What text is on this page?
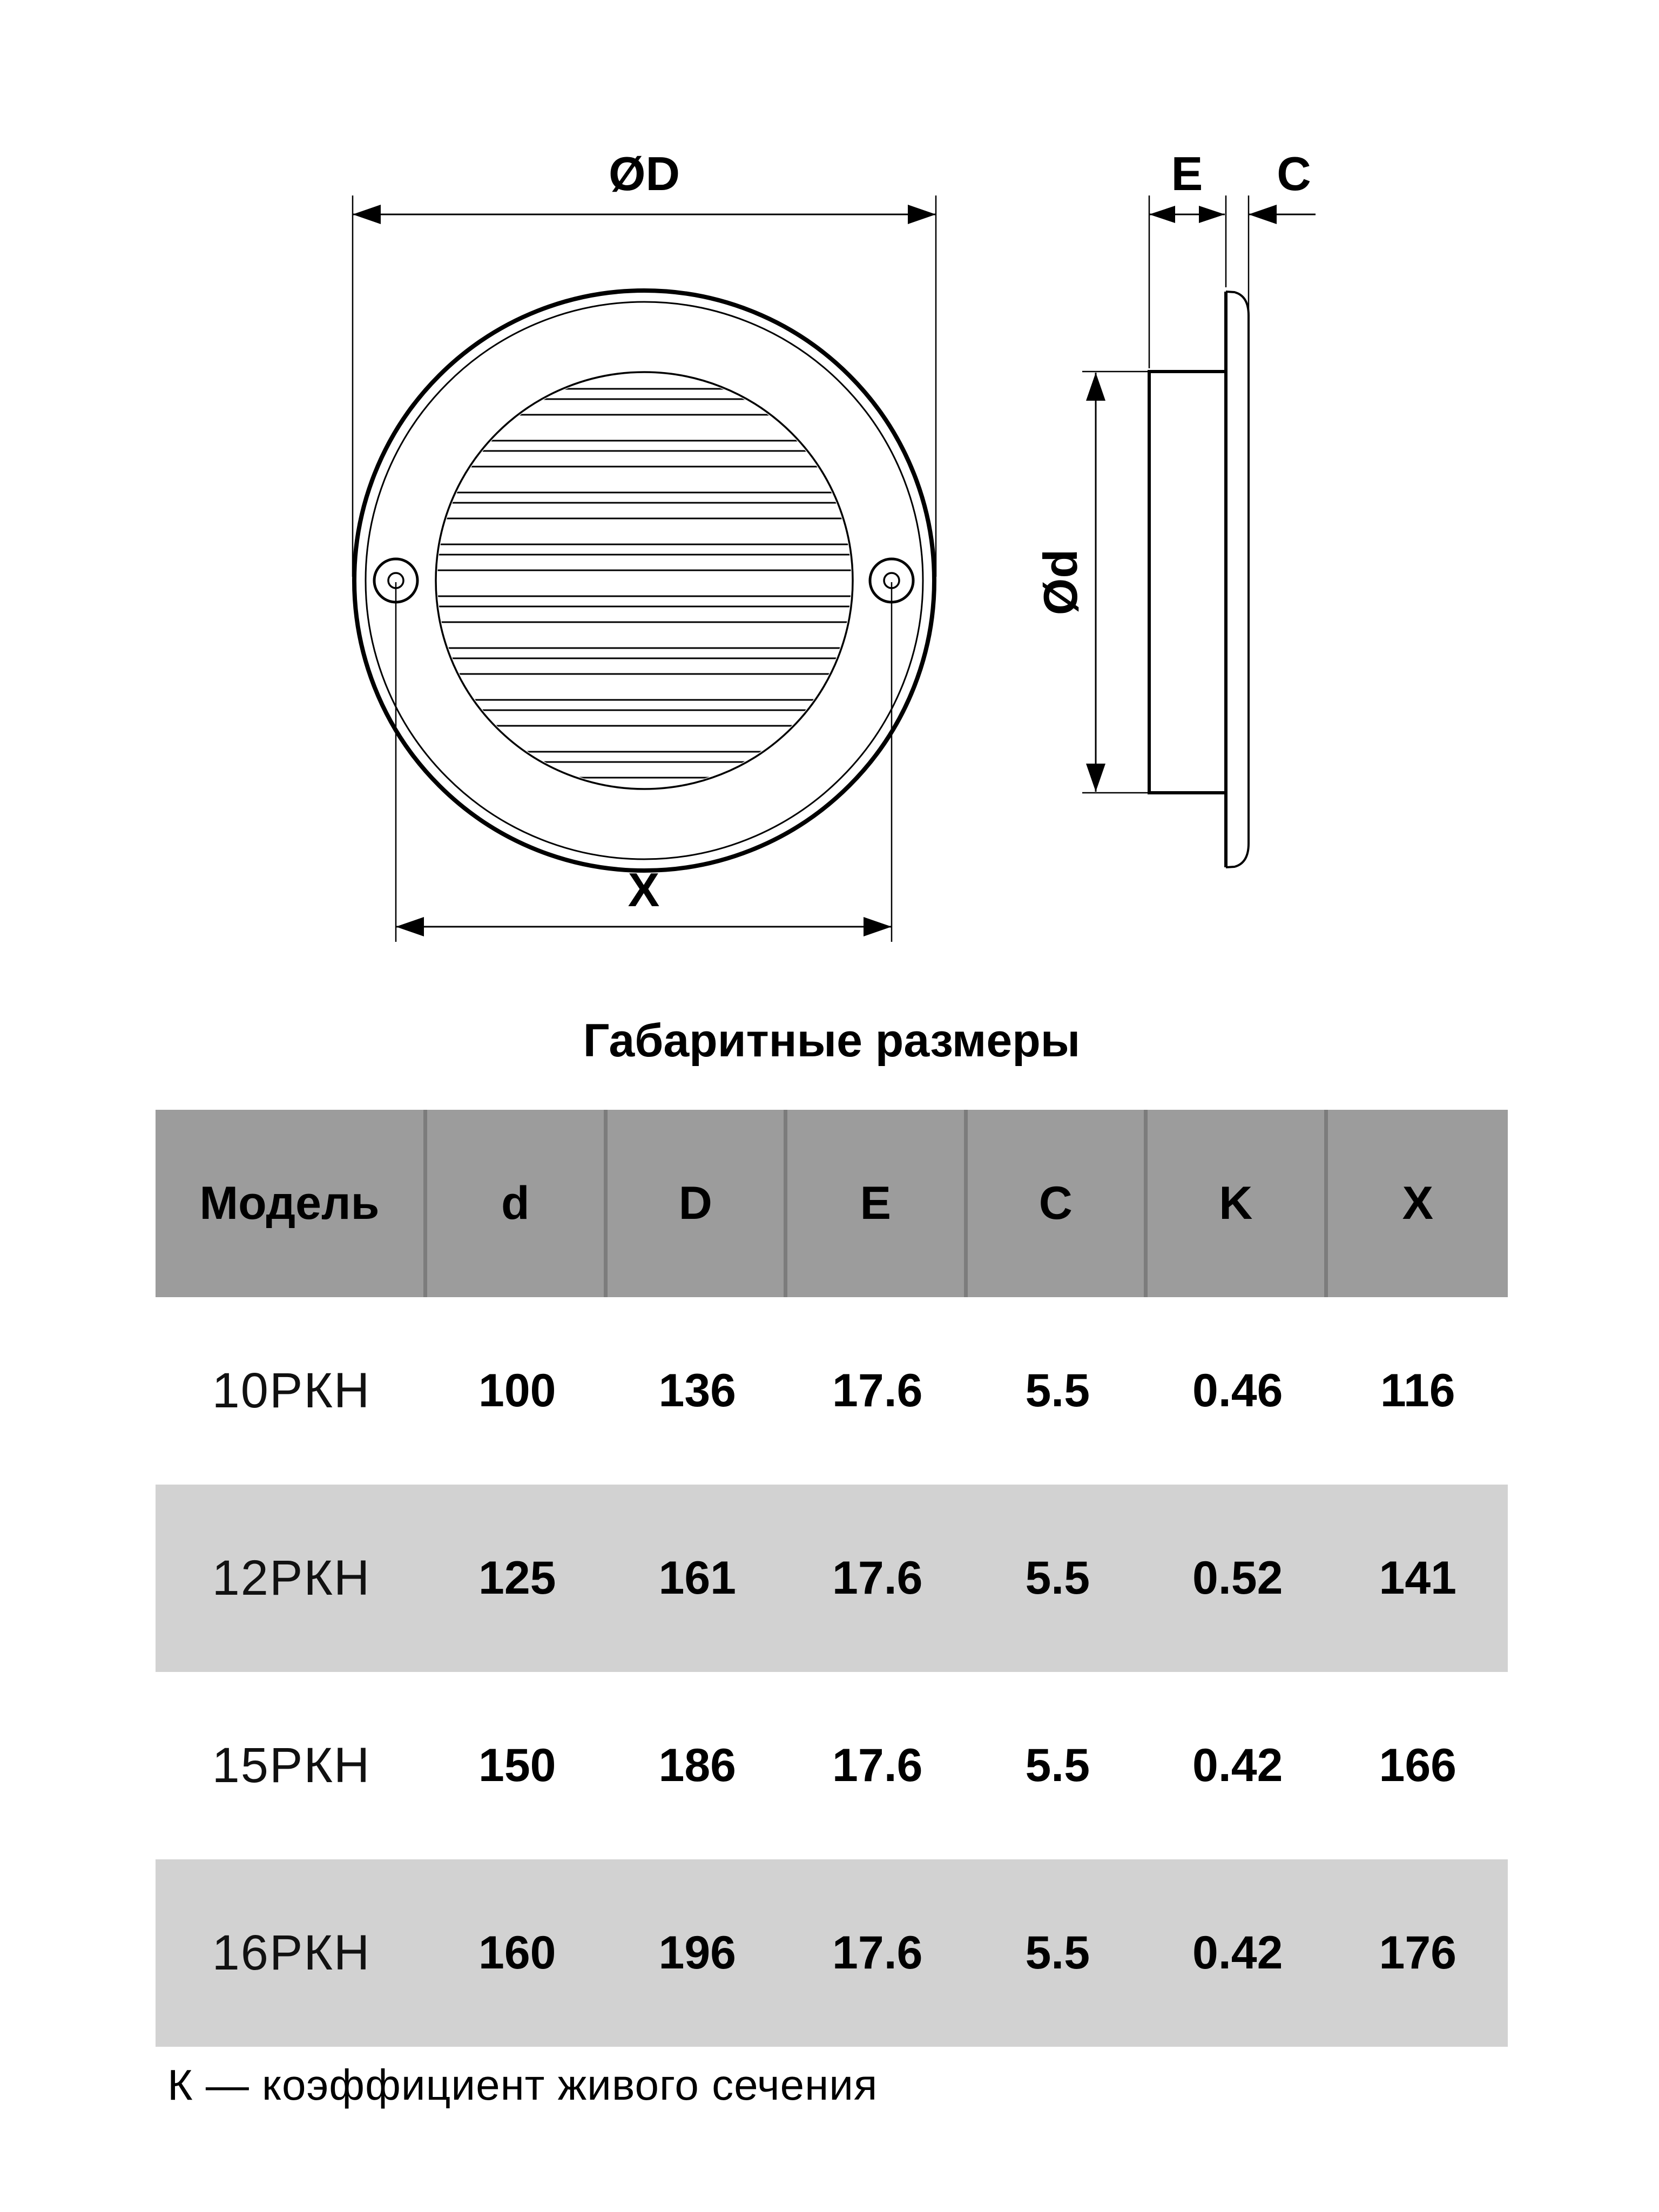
ØD
X
E C
Ød
Габаритные размеры
Модель	d	D	E	C	K	X
10РКН	100	136	17.6	5.5	0.46	116
12РКН	125	161	17.6	5.5	0.52	141
15РКН	150	186	17.6	5.5	0.42	166
16РКН	160	196	17.6	5.5	0.42	176
К — коэффициент живого сечения
